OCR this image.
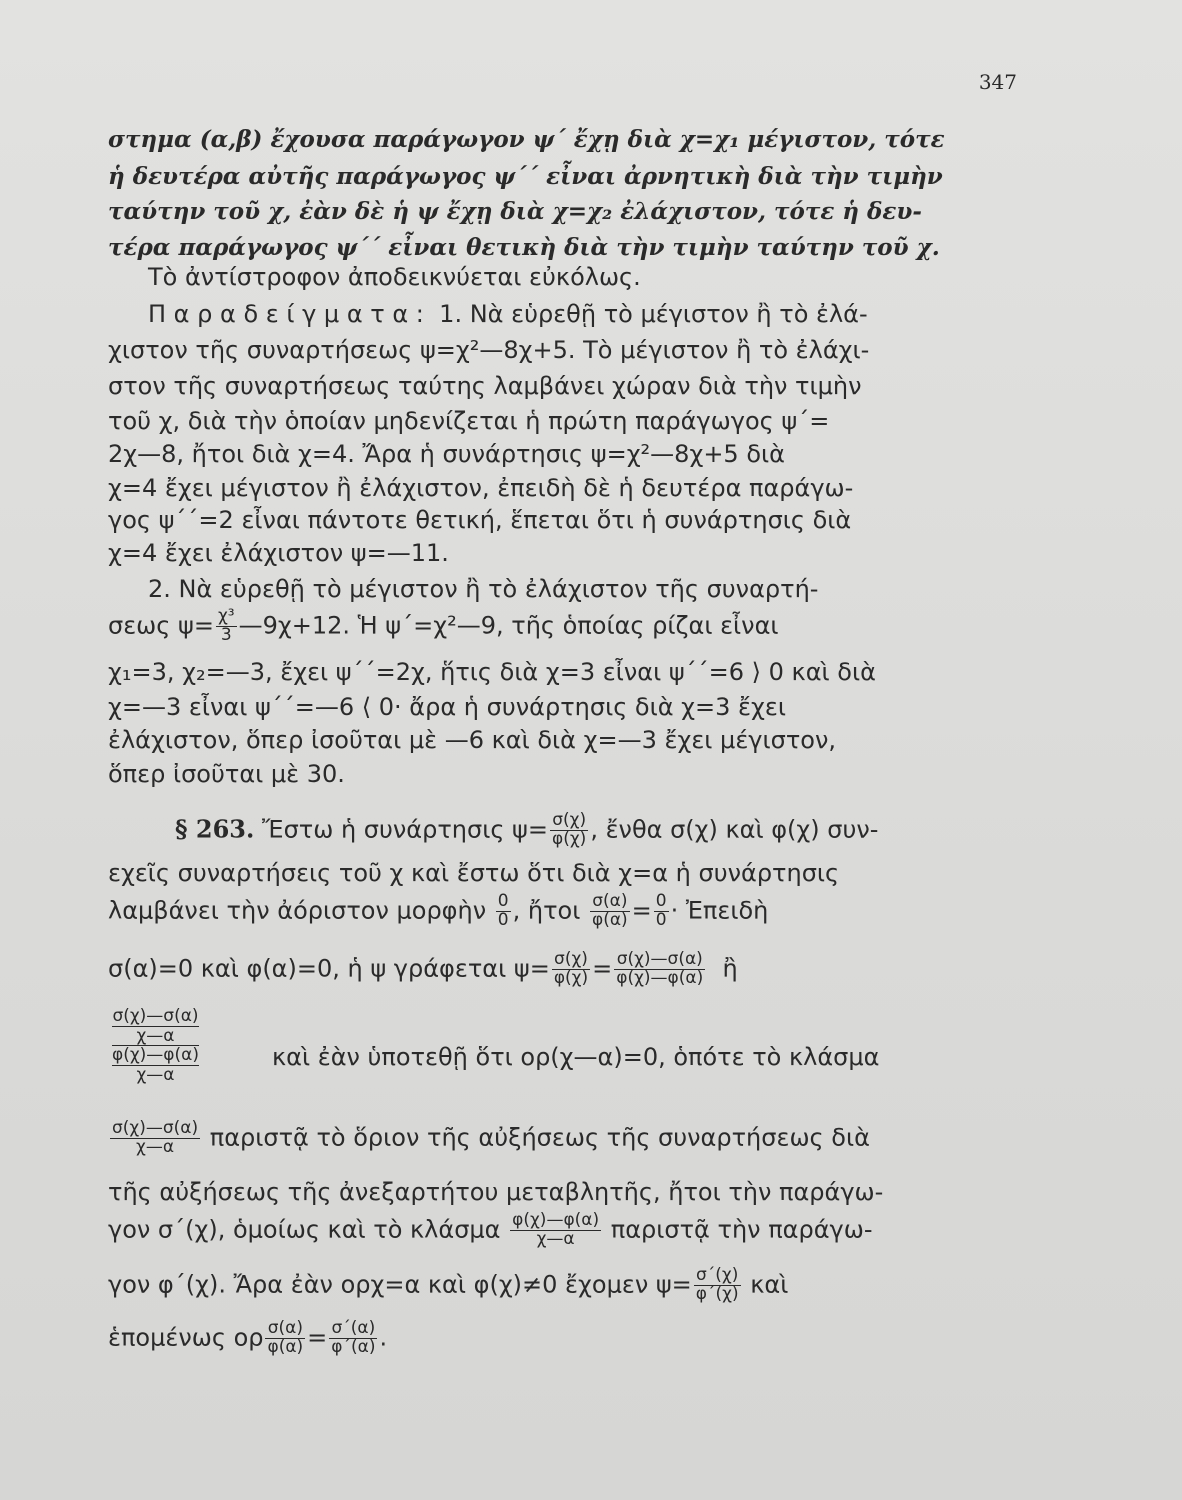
347
στημα (α,β) ἔχουσα παράγωγον ψ΄ ἔχῃ διὰ χ=χ₁ μέγιστον, τότε
ἡ δευτέρα αὐτῆς παράγωγος ψ΄΄ εἶναι ἀρνητικὴ διὰ τὴν τιμὴν
ταύτην τοῦ χ, ἐὰν δὲ ἡ ψ ἔχῃ διὰ χ=χ₂ ἐλάχιστον, τότε ἡ δευ-
τέρα παράγωγος ψ΄΄ εἶναι θετικὴ διὰ τὴν τιμὴν ταύτην τοῦ χ.
Τὸ ἀντίστροφον ἀποδεικνύεται εὐκόλως.
Π α ρ α δ ε ί γ μ α τ α : 1. Νὰ εὑρεθῇ τὸ μέγιστον ἢ τὸ ἐλά-
χιστον τῆς συναρτήσεως ψ=χ²—8χ+5. Τὸ μέγιστον ἢ τὸ ἐλάχι-
στον τῆς συναρτήσεως ταύτης λαμβάνει χώραν διὰ τὴν τιμὴν
τοῦ χ, διὰ τὴν ὁποίαν μηδενίζεται ἡ πρώτη παράγωγος ψ΄=
2χ—8, ἤτοι διὰ χ=4. Ἄρα ἡ συνάρτησις ψ=χ²—8χ+5 διὰ
χ=4 ἔχει μέγιστον ἢ ἐλάχιστον, ἐπειδὴ δὲ ἡ δευτέρα παράγω-
γος ψ΄΄=2 εἶναι πάντοτε θετική, ἕπεται ὅτι ἡ συνάρτησις διὰ
χ=4 ἔχει ἐλάχιστον ψ=—11.
2. Νὰ εὑρεθῇ τὸ μέγιστον ἢ τὸ ἐλάχιστον τῆς συναρτή-
σεως $\psi= \frac{\text{χ³}}{3}$ —9χ+12. Ἡ ψ΄=χ²—9, τῆς ὁποίας ρίζαι εἶναι
χ₁=3, χ₂=—3, ἔχει ψ΄΄=2χ, ἥτις διὰ χ=3 εἶναι ψ΄΄=6 ⟩ 0 καὶ διὰ
χ=—3 εἶναι ψ΄΄=—6 ⟨ 0· ἄρα ἡ συνάρτησις διὰ χ=3 ἔχει
ἐλάχιστον, ὅπερ ἰσοῦται μὲ —6 καὶ διὰ χ=—3 ἔχει μέγιστον,
ὅπερ ἰσοῦται μὲ 30.
§ 263. Ἔστω ἡ συνάρτησις $\psi= \frac{\sigma(\chi)}{\varphi(\chi)}$ , ἔνθα σ(χ) καὶ φ(χ) συν-
εχεῖς συναρτήσεις τοῦ χ καὶ ἔστω ὅτι διὰ χ=α ἡ συνάρτησις
λαμβάνει τὴν ἀόριστον μορφὴν $\frac{0}{0}$ , ἤτοι $\frac{\sigma(\alpha)}{\varphi(\alpha)} = \frac{0}{0}$ · Ἐπειδὴ
σ(α)=0 καὶ φ(α)=0, ἡ ψ γράφεται $\psi= \frac{\sigma(\chi)}{\varphi(\chi)} = \frac{\sigma(\chi)—\sigma(\alpha)}{\varphi(\chi)—\varphi(\alpha)}$ ἢ
σ(χ)—σ(α)
χ—α
φ(χ)—φ(α)
χ—α
καὶ ἐὰν ὑποτεθῇ ὅτι ορ(χ—α)=0, ὁπότε τὸ κλάσμα
$\frac{\sigma(\chi)—\sigma(\alpha)}{\chi—\alpha}$ παριστᾷ τὸ ὅριον τῆς αὐξήσεως τῆς συναρτήσεως διὰ
τῆς αὐξήσεως τῆς ἀνεξαρτήτου μεταβλητῆς, ἤτοι τὴν παράγω-
γον σ΄(χ), ὁμοίως καὶ τὸ κλάσμα $\frac{\varphi(\chi)—\varphi(\alpha)}{\chi—\alpha}$ παριστᾷ τὴν παράγω-
γον φ΄(χ). Ἄρα ἐὰν ορχ=α καὶ φ(χ)≠0 ἔχομεν $\psi= \frac{\sigma΄(\chi)}{\varphi΄(\chi)}$ καὶ
ἑπομένως ορ $\frac{\sigma(\alpha)}{\varphi(\alpha)} = \frac{\sigma΄(\alpha)}{\varphi΄(\alpha)}$ .
